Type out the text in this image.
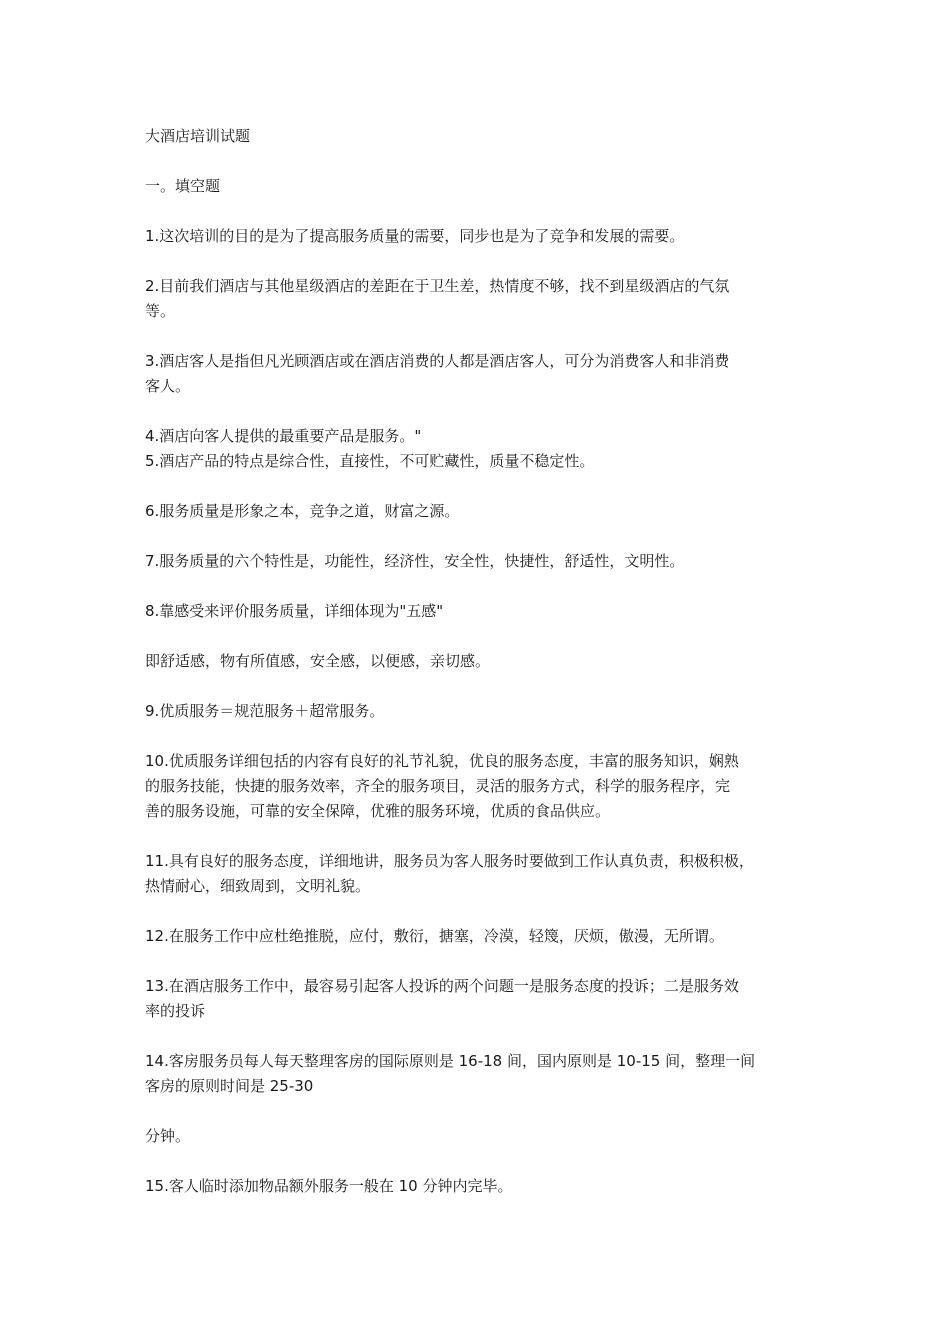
大酒店培训试题
一。填空题
1.这次培训的目的是为了提高服务质量的需要，同步也是为了竞争和发展的需要。
2.目前我们酒店与其他星级酒店的差距在于卫生差，热情度不够，找不到星级酒店的气氛
等。
3.酒店客人是指但凡光顾酒店或在酒店消费的人都是酒店客人，可分为消费客人和非消费
客人。
4.酒店向客人提供的最重要产品是服务。"
5.酒店产品的特点是综合性，直接性，不可贮藏性，质量不稳定性。
6.服务质量是形象之本，竞争之道，财富之源。
7.服务质量的六个特性是，功能性，经济性，安全性，快捷性，舒适性，文明性。
8.靠感受来评价服务质量，详细体现为"五感"
即舒适感，物有所值感，安全感，以便感，亲切感。
9.优质服务＝规范服务＋超常服务。
10.优质服务详细包括的内容有良好的礼节礼貌，优良的服务态度，丰富的服务知识，娴熟
的服务技能，快捷的服务效率，齐全的服务项目，灵活的服务方式，科学的服务程序，完
善的服务设施，可靠的安全保障，优雅的服务环境，优质的食品供应。
11.具有良好的服务态度，详细地讲，服务员为客人服务时要做到工作认真负责，积极积极，
热情耐心，细致周到，文明礼貌。
12.在服务工作中应杜绝推脱，应付，敷衍，搪塞，冷漠，轻篾，厌烦，傲漫，无所谓。
13.在酒店服务工作中，最容易引起客人投诉的两个问题一是服务态度的投诉；二是服务效
率的投诉
14.客房服务员每人每天整理客房的国际原则是 16-18 间，国内原则是 10-15 间，整理一间
客房的原则时间是 25-30
分钟。
15.客人临时添加物品额外服务一般在 10 分钟内完毕。
